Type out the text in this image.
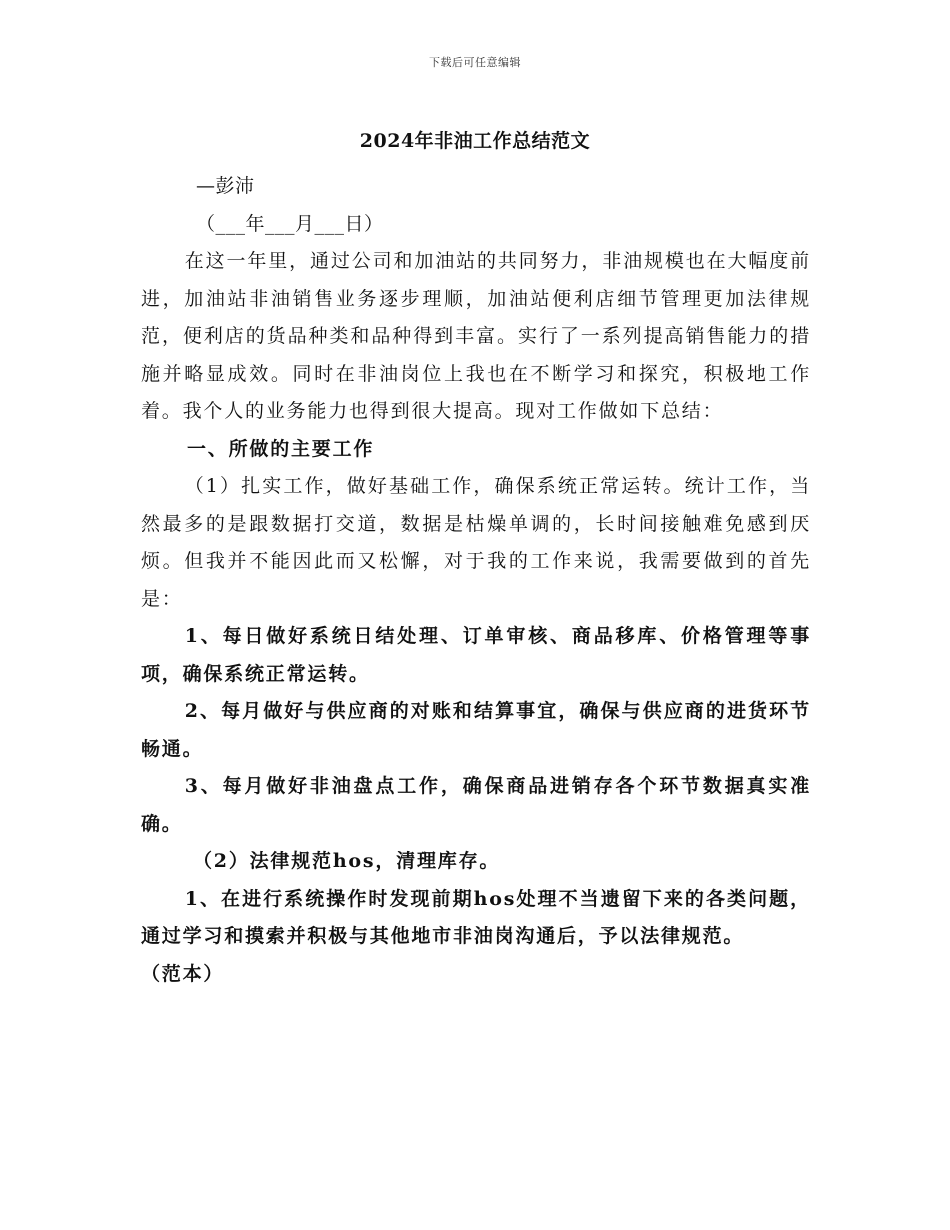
下载后可任意编辑
2024年非油工作总结范文

—彭沛

（___年___月___日）

在这一年里，通过公司和加油站的共同努力，非油规模也在大幅度前进，加油站非油销售业务逐步理顺，加油站便利店细节管理更加法律规范，便利店的货品种类和品种得到丰富。实行了一系列提高销售能力的措施并略显成效。同时在非油岗位上我也在不断学习和探究，积极地工作着。我个人的业务能力也得到很大提高。现对工作做如下总结：

一、所做的主要工作

（1）扎实工作，做好基础工作，确保系统正常运转。统计工作，当然最多的是跟数据打交道，数据是枯燥单调的，长时间接触难免感到厌烦。但我并不能因此而又松懈，对于我的工作来说，我需要做到的首先是：

1、每日做好系统日结处理、订单审核、商品移库、价格管理等事项，确保系统正常运转。

2、每月做好与供应商的对账和结算事宜，确保与供应商的进货环节畅通。

3、每月做好非油盘点工作，确保商品进销存各个环节数据真实准确。

（2）法律规范hos，清理库存。

1、在进行系统操作时发现前期hos处理不当遗留下来的各类问题，通过学习和摸索并积极与其他地市非油岗沟通后，予以法律规范。

（范本）
